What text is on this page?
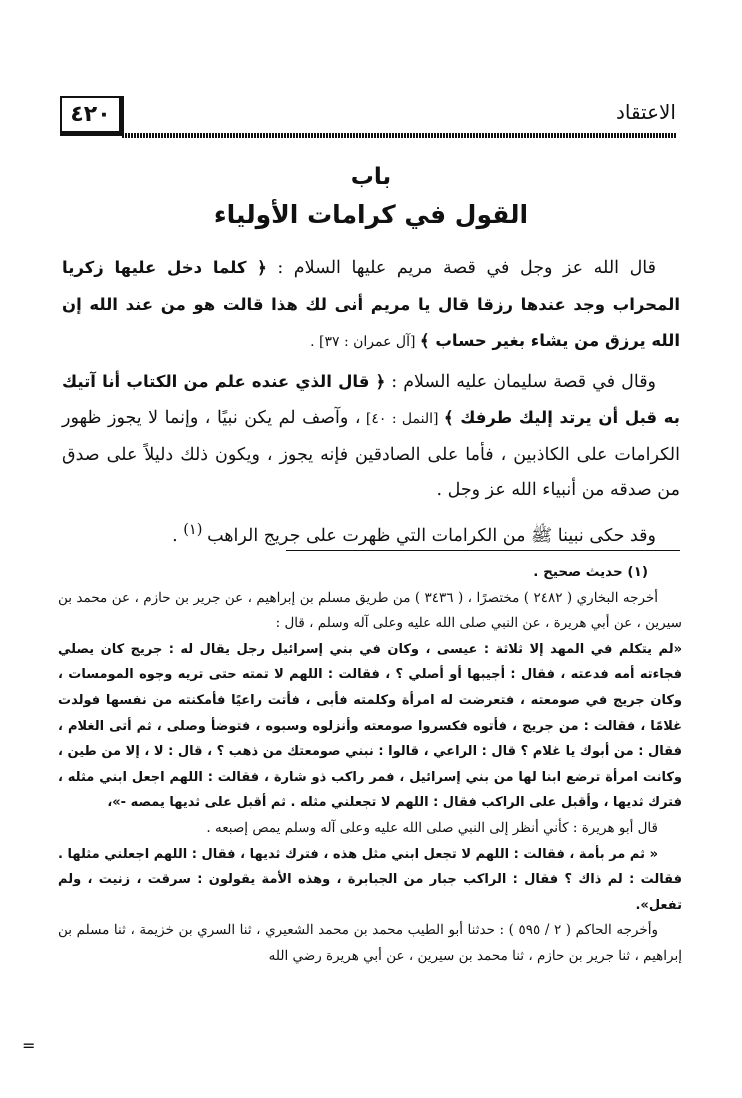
٤٢٠	الاعتقاد
باب
القول في كرامات الأولياء

قال الله عز وجل في قصة مريم عليها السلام : ﴿ كلما دخل عليها زكريا المحراب وجد عندها رزقا قال يا مريم أنى لك هذا قالت هو من عند الله إن الله يرزق من يشاء بغير حساب ﴾ [آل عمران : ٣٧] .

وقال في قصة سليمان عليه السلام : ﴿ قال الذي عنده علم من الكتاب أنا آتيك به قبل أن يرتد إليك طرفك ﴾ [النمل : ٤٠] ، وآصف لم يكن نبيًا ، وإنما لا يجوز ظهور الكرامات على الكاذبين ، فأما على الصادقين فإنه يجوز ، ويكون ذلك دليلاً على صدق من صدقه من أنبياء الله عز وجل .

وقد حكى نبينا ﷺ من الكرامات التي ظهرت على جريج الراهب $^{(١)}$ .

(١) حديث صحيح .

أخرجه البخاري ( ٢٤٨٢ ) مختصرًا ، ( ٣٤٣٦ ) من طريق مسلم بن إبراهيم ، عن جرير بن حازم ، عن محمد بن سيرين ، عن أبي هريرة ، عن النبي صلى الله عليه وعلى آله وسلم ، قال :

«لم يتكلم في المهد إلا ثلاثة : عيسى ، وكان في بني إسرائيل رجل يقال له : جريج كان يصلي فجاءته أمه فدعته ، فقال : أجيبها أو أصلي ؟ ، فقالت : اللهم لا تمته حتى تريه وجوه المومسات ، وكان جريج في صومعته ، فتعرضت له امرأة وكلمته فأبى ، فأتت راعيًا فأمكنته من نفسها فولدت غلامًا ، فقالت : من جريج ، فأتوه فكسروا صومعته وأنزلوه وسبوه ، فتوضأ وصلى ، ثم أتى الغلام ، فقال : من أبوك يا غلام ؟ قال : الراعي ، قالوا : نبني صومعتك من ذهب ؟ ، قال : لا ، إلا من طين ، وكانت امرأة ترضع ابنا لها من بني إسرائيل ، فمر راكب ذو شارة ، فقالت : اللهم اجعل ابني مثله ، فترك ثديها ، وأقبل على الراكب فقال : اللهم لا تجعلني مثله . ثم أقبل على ثديها يمصه -»،

قال أبو هريرة : كأني أنظر إلى النبي صلى الله عليه وعلى آله وسلم يمص إصبعه .

« ثم مر بأمة ، فقالت : اللهم لا تجعل ابني مثل هذه ، فترك ثديها ، فقال : اللهم اجعلني مثلها . فقالت : لم ذاك ؟ فقال : الراكب جبار من الجبابرة ، وهذه الأمة يقولون : سرقت ، زنيت ، ولم تفعل».

وأخرجه الحاكم ( ٢ / ٥٩٥ ) : حدثنا أبو الطيب محمد بن محمد الشعيري ، ثنا السري بن خزيمة ، ثنا مسلم بن إبراهيم ، ثنا جرير بن حازم ، ثنا محمد بن سيرين ، عن أبي هريرة رضي الله

=
